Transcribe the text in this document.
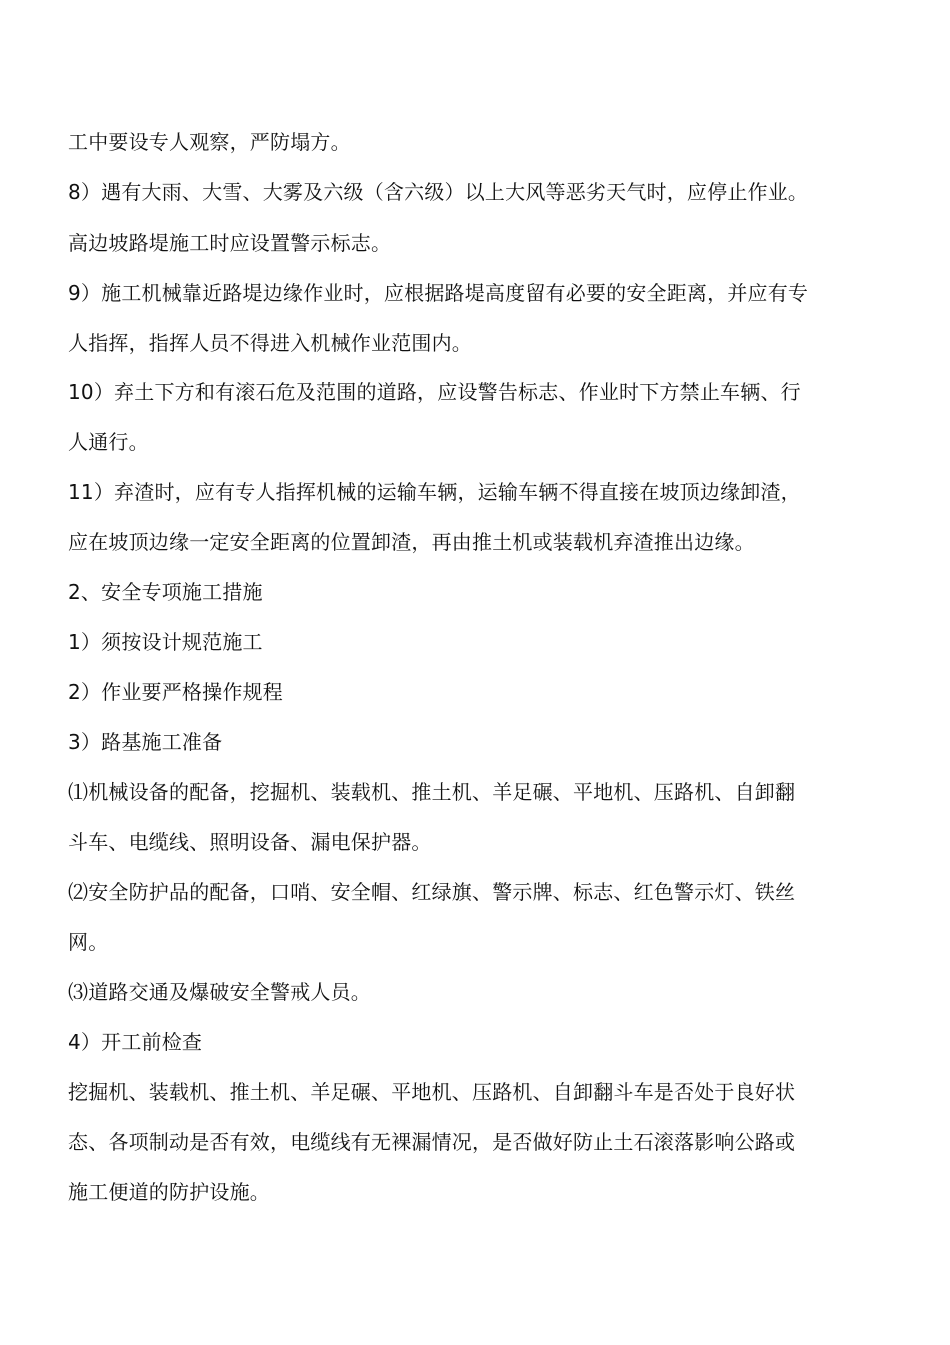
工中要设专人观察，严防塌方。
8）遇有大雨、大雪、大雾及六级（含六级）以上大风等恶劣天气时，应停止作业。
高边坡路堤施工时应设置警示标志。
9）施工机械靠近路堤边缘作业时，应根据路堤高度留有必要的安全距离，并应有专
人指挥，指挥人员不得进入机械作业范围内。
10）弃土下方和有滚石危及范围的道路，应设警告标志、作业时下方禁止车辆、行
人通行。
11）弃渣时，应有专人指挥机械的运输车辆，运输车辆不得直接在坡顶边缘卸渣，
应在坡顶边缘一定安全距离的位置卸渣，再由推土机或装载机弃渣推出边缘。
2、安全专项施工措施
1）须按设计规范施工
2）作业要严格操作规程
3）路基施工准备
⑴机械设备的配备，挖掘机、装载机、推土机、羊足碾、平地机、压路机、自卸翻
斗车、电缆线、照明设备、漏电保护器。
⑵安全防护品的配备，口哨、安全帽、红绿旗、警示牌、标志、红色警示灯、铁丝
网。
⑶道路交通及爆破安全警戒人员。
4）开工前检查
挖掘机、装载机、推土机、羊足碾、平地机、压路机、自卸翻斗车是否处于良好状
态、各项制动是否有效，电缆线有无裸漏情况，是否做好防止土石滚落影响公路或
施工便道的防护设施。
